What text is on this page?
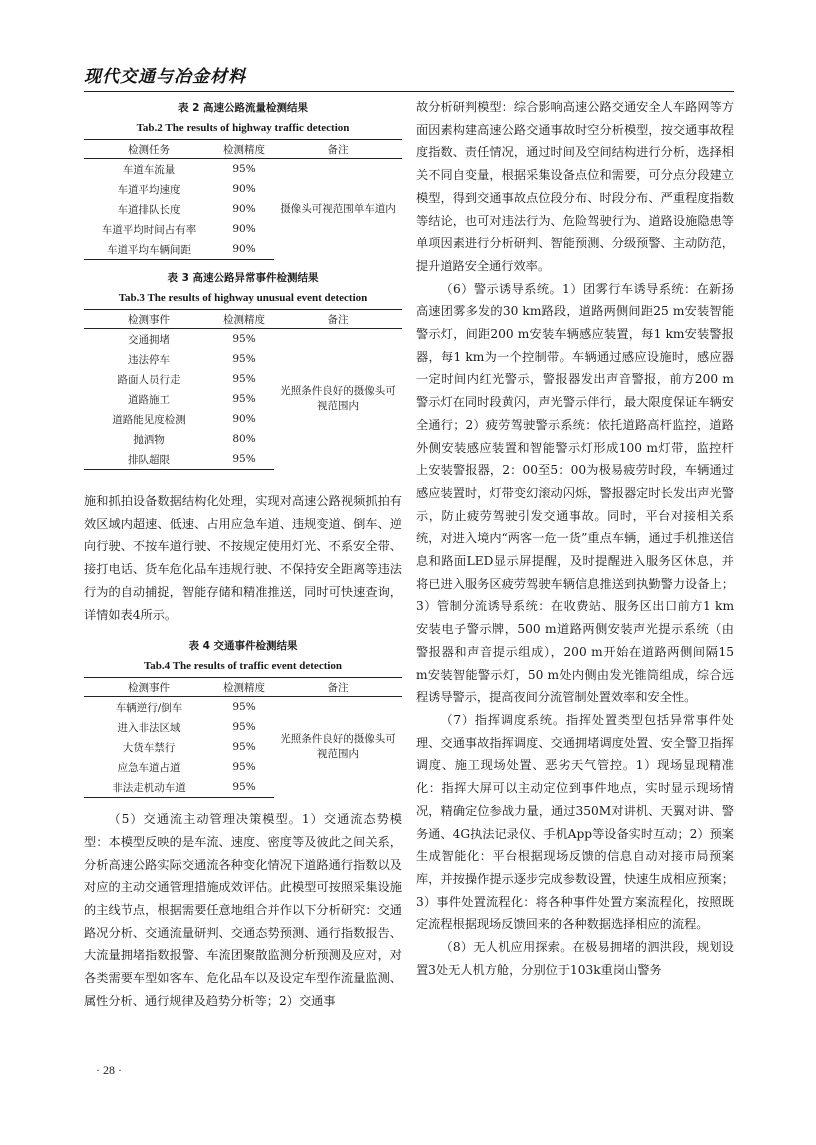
现代交通与冶金材料
表 2 高速公路流量检测结果
Tab.2 The results of highway traffic detection
检测任务	检测精度	备注
车道车流量	95%	摄像头可视范围单车道内
车道平均速度	90%	
车道排队长度	90%	
车道平均时间占有率	90%	
车道平均车辆间距	90%	
表 3 高速公路异常事件检测结果
Tab.3 The results of highway unusual event detection
检测事件	检测精度	备注
交通拥堵	95%	光照条件良好的摄像头可视范围内
违法停车	95%	
路面人员行走	95%	
道路施工	95%	
道路能见度检测	90%	
抛洒物	80%	
排队超限	95%	

施和抓拍设备数据结构化处理，实现对高速公路视频抓拍有效区域内超速、低速、占用应急车道、违规变道、倒车、逆向行驶、不按车道行驶、不按规定使用灯光、不系安全带、接打电话、货车危化品车违规行驶、不保持安全距离等违法行为的自动捕捉，智能存储和精准推送，同时可快速查询，详情如表4所示。

表 4 交通事件检测结果
Tab.4 The results of traffic event detection
检测事件	检测精度	备注
车辆逆行/倒车	95%	光照条件良好的摄像头可视范围内
进入非法区域	95%	
大货车禁行	95%	
应急车道占道	95%	
非法走机动车道	95%	

（5）交通流主动管理决策模型。1）交通流态势模型：本模型反映的是车流、速度、密度等及彼此之间关系，分析高速公路实际交通流各种变化情况下道路通行指数以及对应的主动交通管理措施成效评估。此模型可按照采集设施的主线节点，根据需要任意地组合并作以下分析研究：交通路况分析、交通流量研判、交通态势预测、通行指数报告、大流量拥堵指数报警、车流团聚散监测分析预测及应对，对各类需要车型如客车、危化品车以及设定车型作流量监测、属性分析、通行规律及趋势分析等；2）交通事

故分析研判模型：综合影响高速公路交通安全人车路网等方面因素构建高速公路交通事故时空分析模型，按交通事故程度指数、责任情况，通过时间及空间结构进行分析，选择相关不同自变量，根据采集设备点位和需要，可分点分段建立模型，得到交通事故点位段分布、时段分布、严重程度指数等结论，也可对违法行为、危险驾驶行为、道路设施隐患等单项因素进行分析研判、智能预测、分级预警、主动防范，提升道路安全通行效率。

（6）警示诱导系统。1）团雾行车诱导系统：在新扬高速团雾多发的30 km路段，道路两侧间距25 m安装智能警示灯，间距200 m安装车辆感应装置，每1 km安装警报器，每1 km为一个控制带。车辆通过感应设施时，感应器一定时间内红光警示，警报器发出声音警报，前方200 m警示灯在同时段黄闪，声光警示伴行，最大限度保证车辆安全通行；2）疲劳驾驶警示系统：依托道路高杆监控，道路外侧安装感应装置和智能警示灯形成100 m灯带，监控杆上安装警报器，2：00至5：00为极易疲劳时段，车辆通过感应装置时，灯带变幻滚动闪烁，警报器定时长发出声光警示，防止疲劳驾驶引发交通事故。同时，平台对接相关系统，对进入境内“两客一危一货”重点车辆，通过手机推送信息和路面LED显示屏提醒，及时提醒进入服务区休息，并将已进入服务区疲劳驾驶车辆信息推送到执勤警力设备上；3）管制分流诱导系统：在收费站、服务区出口前方1 km安装电子警示牌，500 m道路两侧安装声光提示系统（由警报器和声音提示组成），200 m开始在道路两侧间隔15 m安装智能警示灯，50 m处内侧由发光锥筒组成，综合远程诱导警示，提高夜间分流管制处置效率和安全性。

（7）指挥调度系统。指挥处置类型包括异常事件处理、交通事故指挥调度、交通拥堵调度处置、安全警卫指挥调度、施工现场处置、恶劣天气管控。1）现场显现精准化：指挥大屏可以主动定位到事件地点，实时显示现场情况，精确定位参战力量，通过350M对讲机、天翼对讲、警务通、4G执法记录仪、手机App等设备实时互动；2）预案生成智能化：平台根据现场反馈的信息自动对接市局预案库，并按操作提示逐步完成参数设置，快速生成相应预案；3）事件处置流程化：将各种事件处置方案流程化，按照既定流程根据现场反馈回来的各种数据选择相应的流程。

（8）无人机应用探索。在极易拥堵的泗洪段，规划设置3处无人机方舱，分别位于103k重岗山警务

· 28 ·
